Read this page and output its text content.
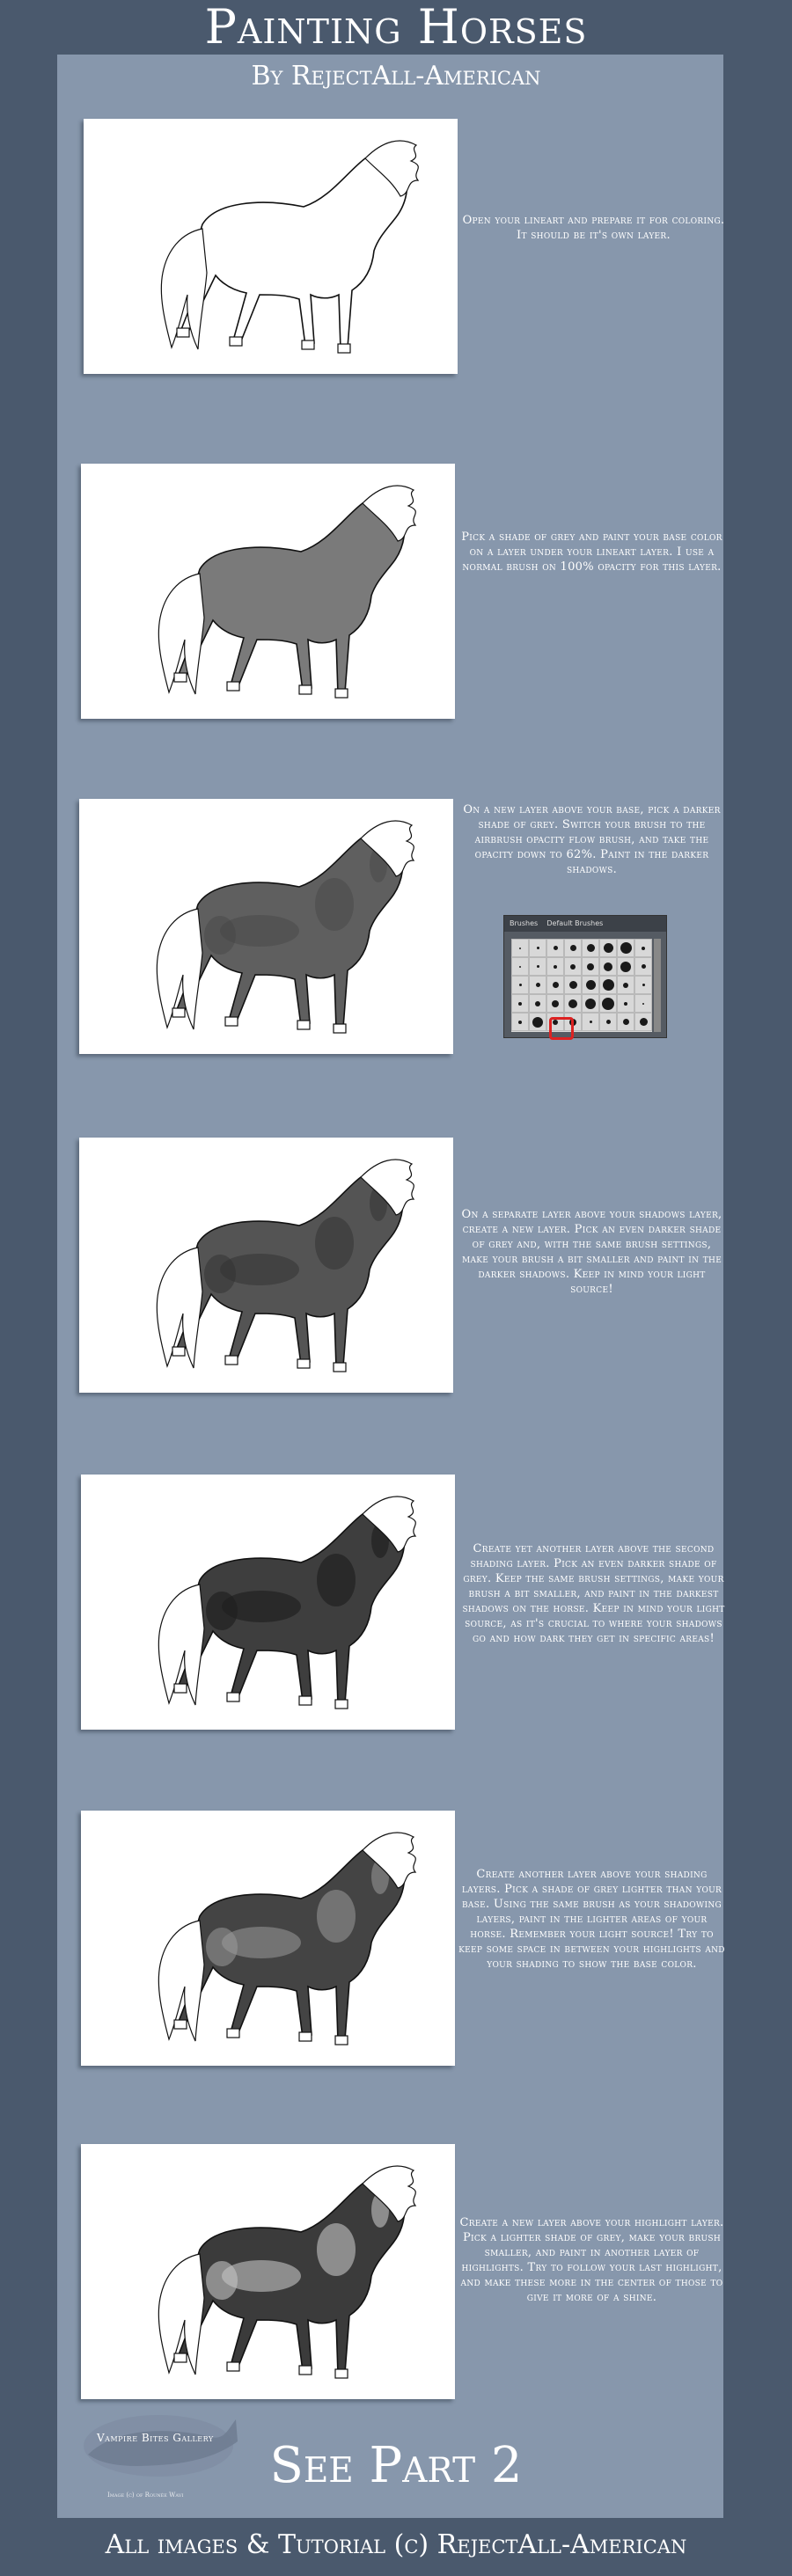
Painting Horses
By RejectAll-American
Open your lineart and prepare it for coloring. It should be it's own layer.
Pick a shade of grey and paint your base color on a layer under your lineart layer. I use a normal brush on 100% opacity for this layer.
On a new layer above your base, pick a darker shade of grey. Switch your brush to the airbrush opacity flow brush, and take the opacity down to 62%. Paint in the darker shadows.
Brushes Default Brushes
On a separate layer above your shadows layer, create a new layer. Pick an even darker shade of grey and, with the same brush settings, make your brush a bit smaller and paint in the darker shadows. Keep in mind your light source!
Create yet another layer above the second shading layer. Pick an even darker shade of grey. Keep the same brush settings, make your brush a bit smaller, and paint in the darkest shadows on the horse. Keep in mind your light source, as it's crucial to where your shadows go and how dark they get in specific areas!
Create another layer above your shading layers. Pick a shade of grey lighter than your base. Using the same brush as your shadowing layers, paint in the lighter areas of your horse. Remember your light source! Try to keep some space in between your highlights and your shading to show the base color.
Create a new layer above your highlight layer. Pick a lighter shade of grey, make your brush smaller, and paint in another layer of highlights. Try to follow your last highlight, and make these more in the center of those to give it more of a shine.
Vampire Bites Gallery
Image (c) of Rounée Wavi
See Part 2
All images & Tutorial (c) RejectAll-American
